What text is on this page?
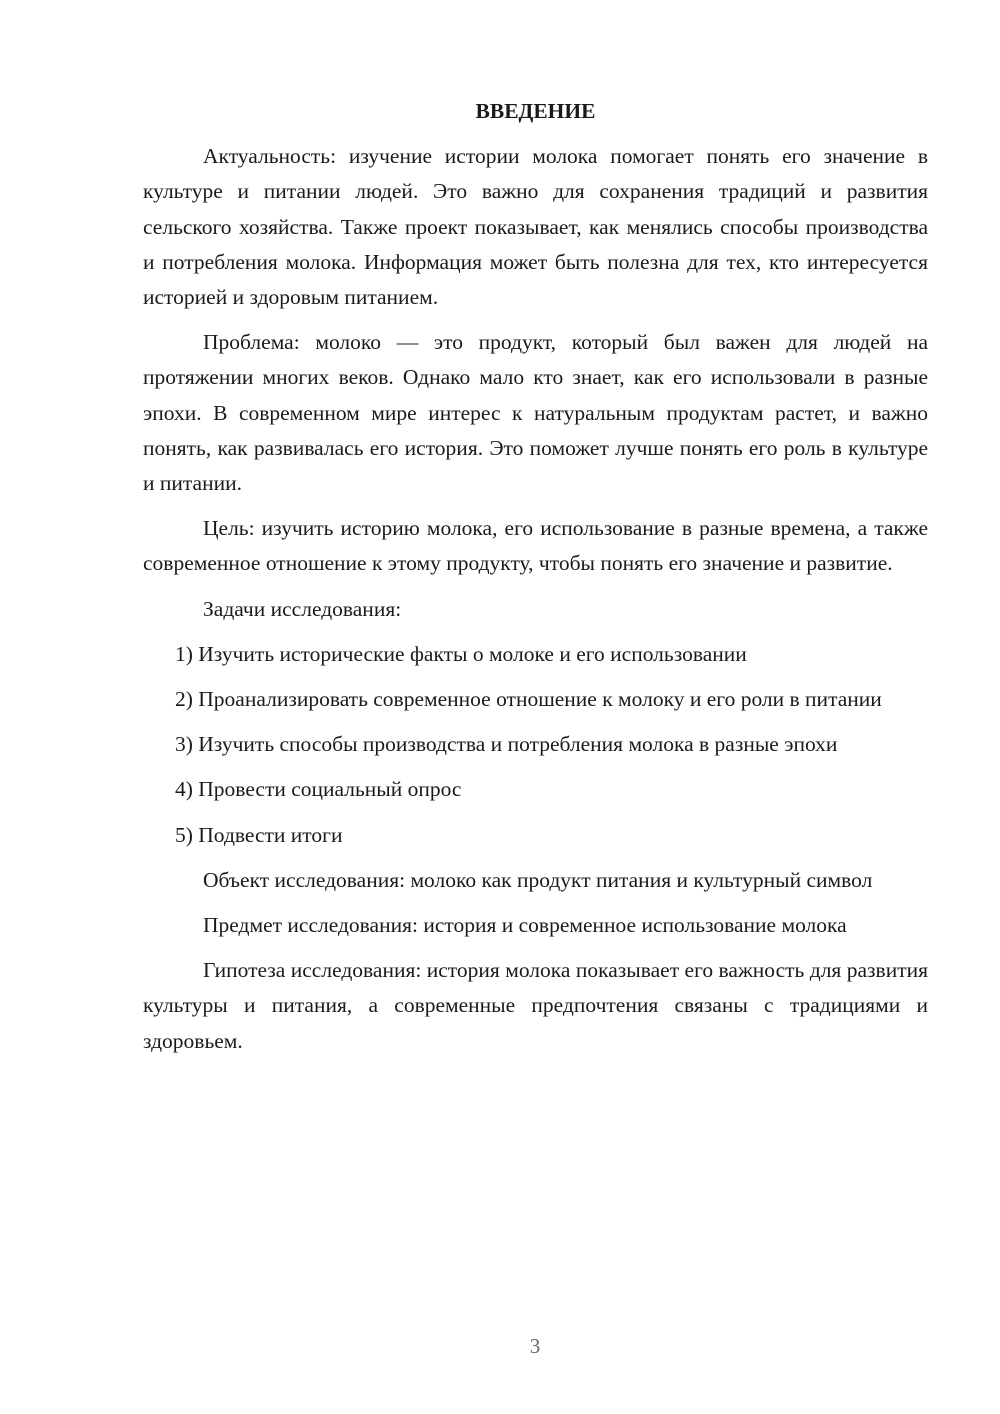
ВВЕДЕНИЕ

Актуальность: изучение истории молока помогает понять его значение в культуре и питании людей. Это важно для сохранения традиций и развития сельского хозяйства. Также проект показывает, как менялись способы производства и потребления молока. Информация может быть полезна для тех, кто интересуется историей и здоровым питанием.

Проблема: молоко — это продукт, который был важен для людей на протяжении многих веков. Однако мало кто знает, как его использовали в разные эпохи. В современном мире интерес к натуральным продуктам растет, и важно понять, как развивалась его история. Это поможет лучше понять его роль в культуре и питании.

Цель: изучить историю молока, его использование в разные времена, а также современное отношение к этому продукту, чтобы понять его значение и развитие.

Задачи исследования:

1) Изучить исторические факты о молоке и его использовании

2) Проанализировать современное отношение к молоку и его роли в питании

3) Изучить способы производства и потребления молока в разные эпохи

4) Провести социальный опрос

5) Подвести итоги

Объект исследования: молоко как продукт питания и культурный символ

Предмет исследования: история и современное использование молока

Гипотеза исследования: история молока показывает его важность для развития культуры и питания, а современные предпочтения связаны с традициями и здоровьем.

3
